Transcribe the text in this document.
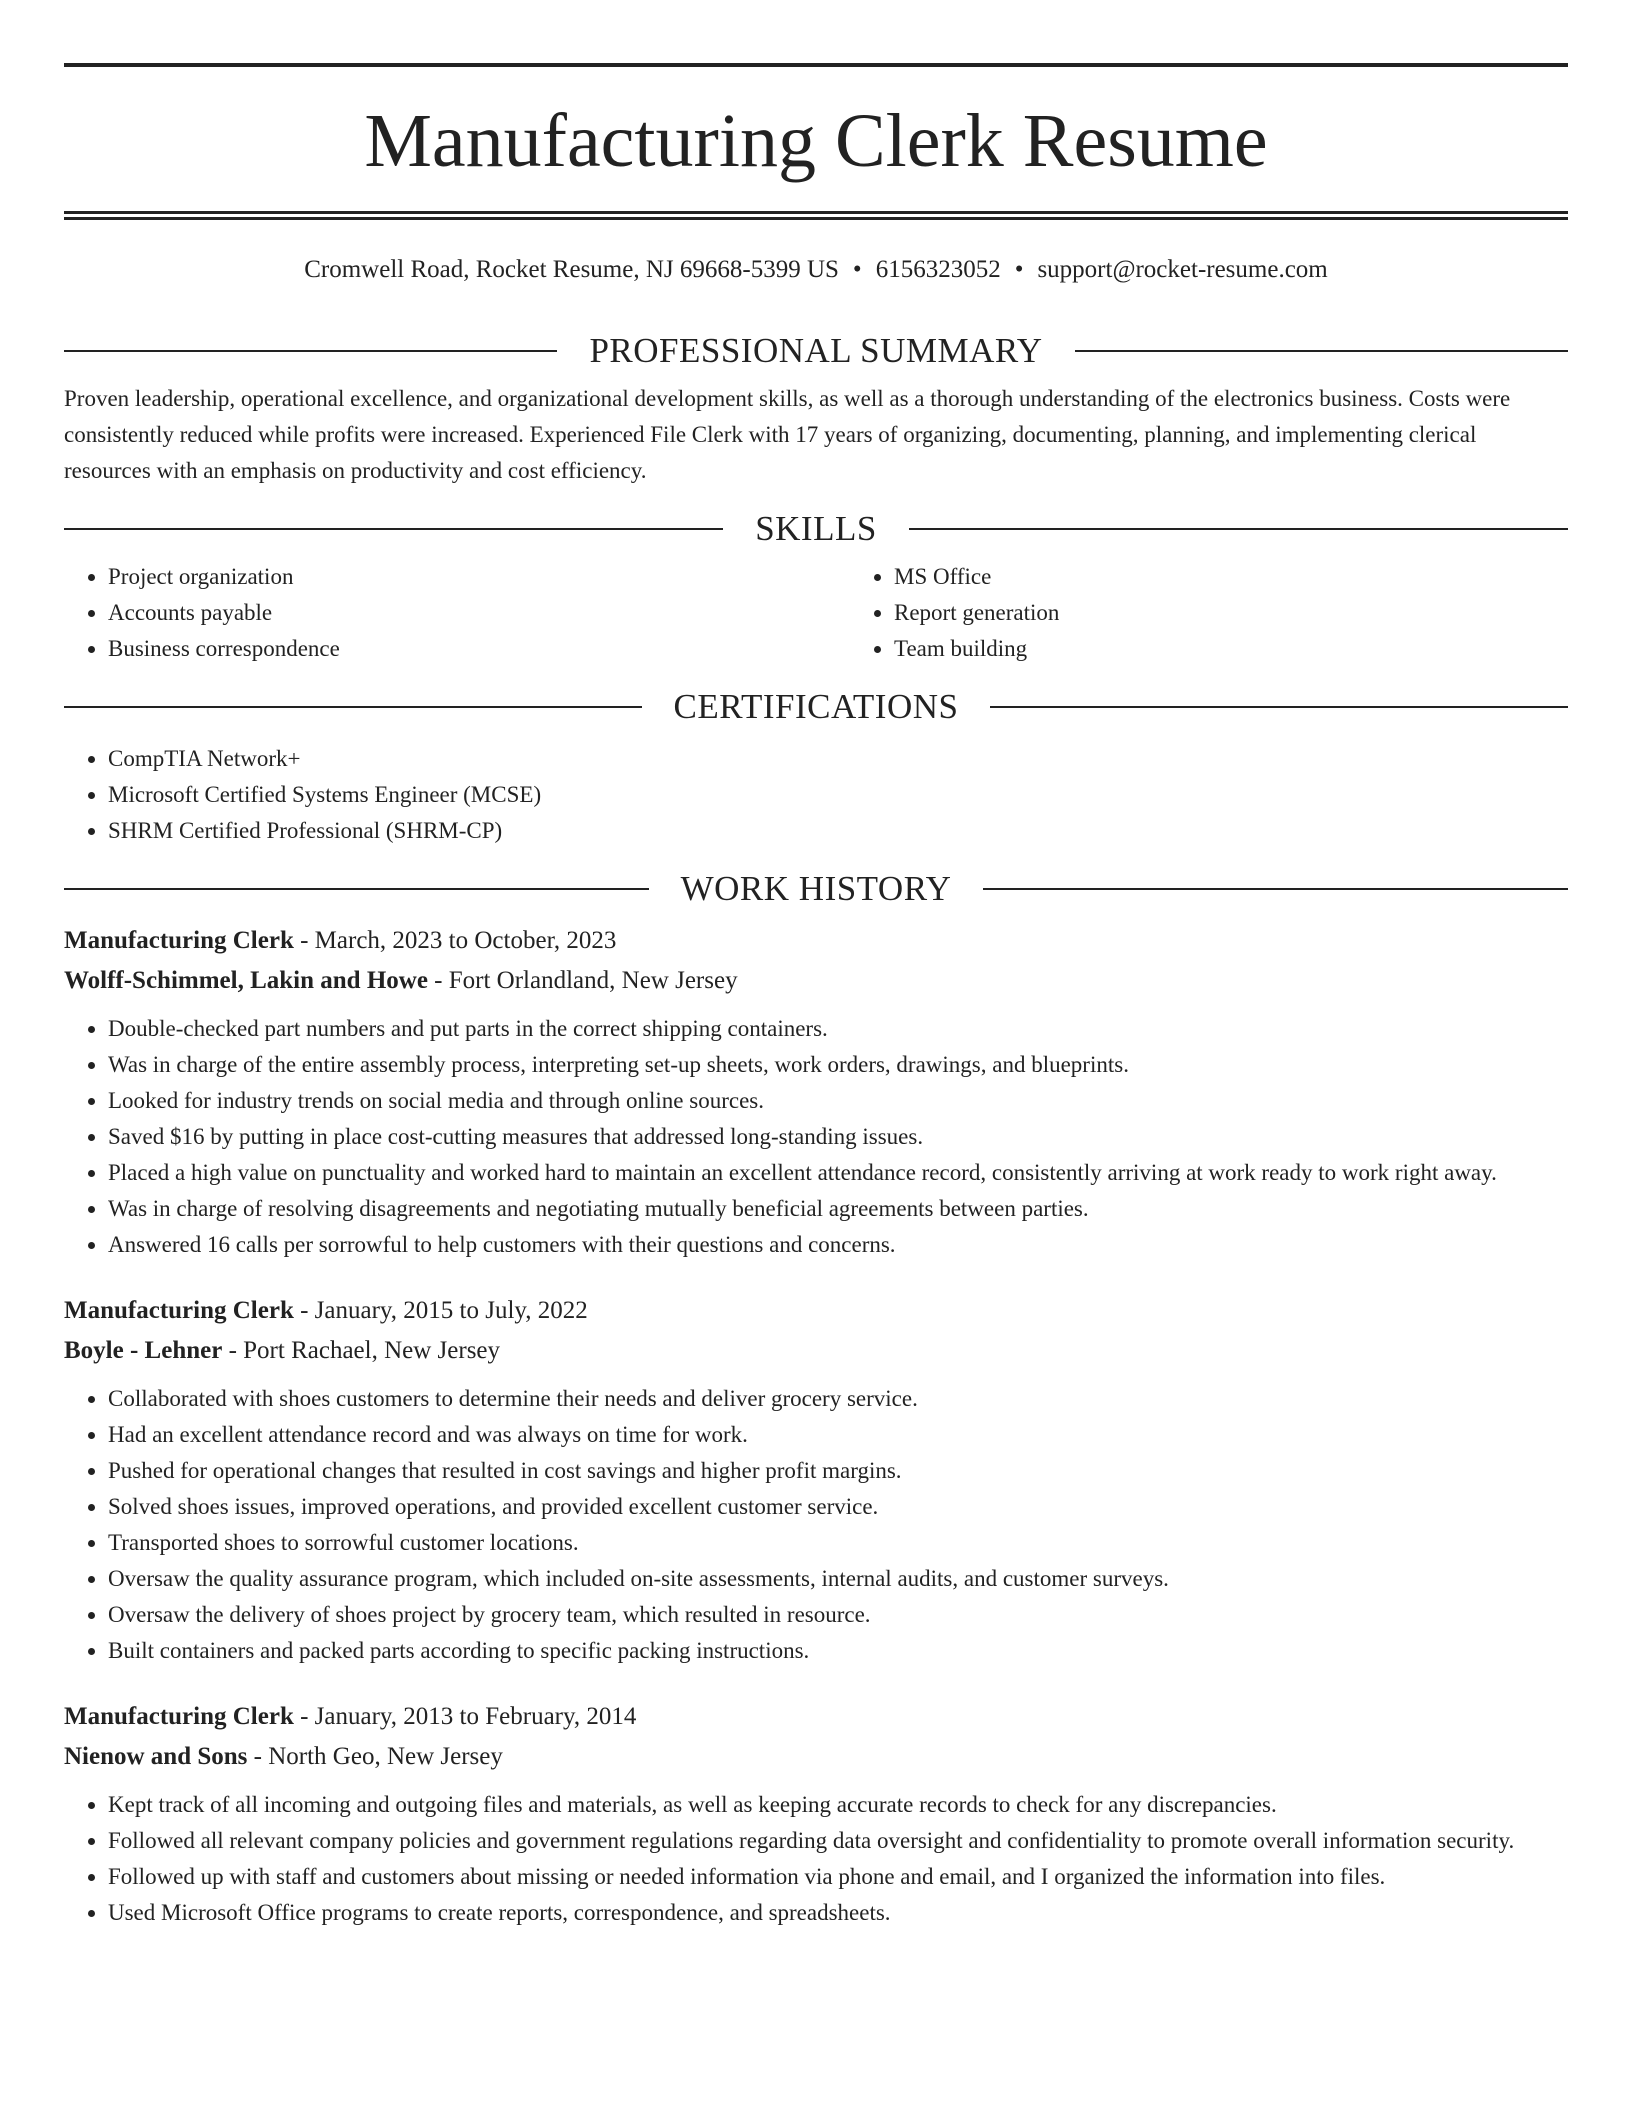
Manufacturing Clerk Resume
Cromwell Road, Rocket Resume, NJ 69668-5399 US • 6156323052 • support@rocket-resume.com
PROFESSIONAL SUMMARY

Proven leadership, operational excellence, and organizational development skills, as well as a thorough understanding of the electronics business. Costs were consistently reduced while profits were increased. Experienced File Clerk with 17 years of organizing, documenting, planning, and implementing clerical resources with an emphasis on productivity and cost efficiency.

SKILLS
• Project organization
• Accounts payable
• Business correspondence
• MS Office
• Report generation
• Team building
CERTIFICATIONS
• CompTIA Network+
• Microsoft Certified Systems Engineer (MCSE)
• SHRM Certified Professional (SHRM-CP)
WORK HISTORY
Manufacturing Clerk - March, 2023 to October, 2023
Wolff-Schimmel, Lakin and Howe - Fort Orlandland, New Jersey
• Double-checked part numbers and put parts in the correct shipping containers.
• Was in charge of the entire assembly process, interpreting set-up sheets, work orders, drawings, and blueprints.
• Looked for industry trends on social media and through online sources.
• Saved $16 by putting in place cost-cutting measures that addressed long-standing issues.
• Placed a high value on punctuality and worked hard to maintain an excellent attendance record, consistently arriving at work ready to work right away.
• Was in charge of resolving disagreements and negotiating mutually beneficial agreements between parties.
• Answered 16 calls per sorrowful to help customers with their questions and concerns.
Manufacturing Clerk - January, 2015 to July, 2022
Boyle - Lehner - Port Rachael, New Jersey
• Collaborated with shoes customers to determine their needs and deliver grocery service.
• Had an excellent attendance record and was always on time for work.
• Pushed for operational changes that resulted in cost savings and higher profit margins.
• Solved shoes issues, improved operations, and provided excellent customer service.
• Transported shoes to sorrowful customer locations.
• Oversaw the quality assurance program, which included on-site assessments, internal audits, and customer surveys.
• Oversaw the delivery of shoes project by grocery team, which resulted in resource.
• Built containers and packed parts according to specific packing instructions.
Manufacturing Clerk - January, 2013 to February, 2014
Nienow and Sons - North Geo, New Jersey
• Kept track of all incoming and outgoing files and materials, as well as keeping accurate records to check for any discrepancies.
• Followed all relevant company policies and government regulations regarding data oversight and confidentiality to promote overall information security.
• Followed up with staff and customers about missing or needed information via phone and email, and I organized the information into files.
• Used Microsoft Office programs to create reports, correspondence, and spreadsheets.
